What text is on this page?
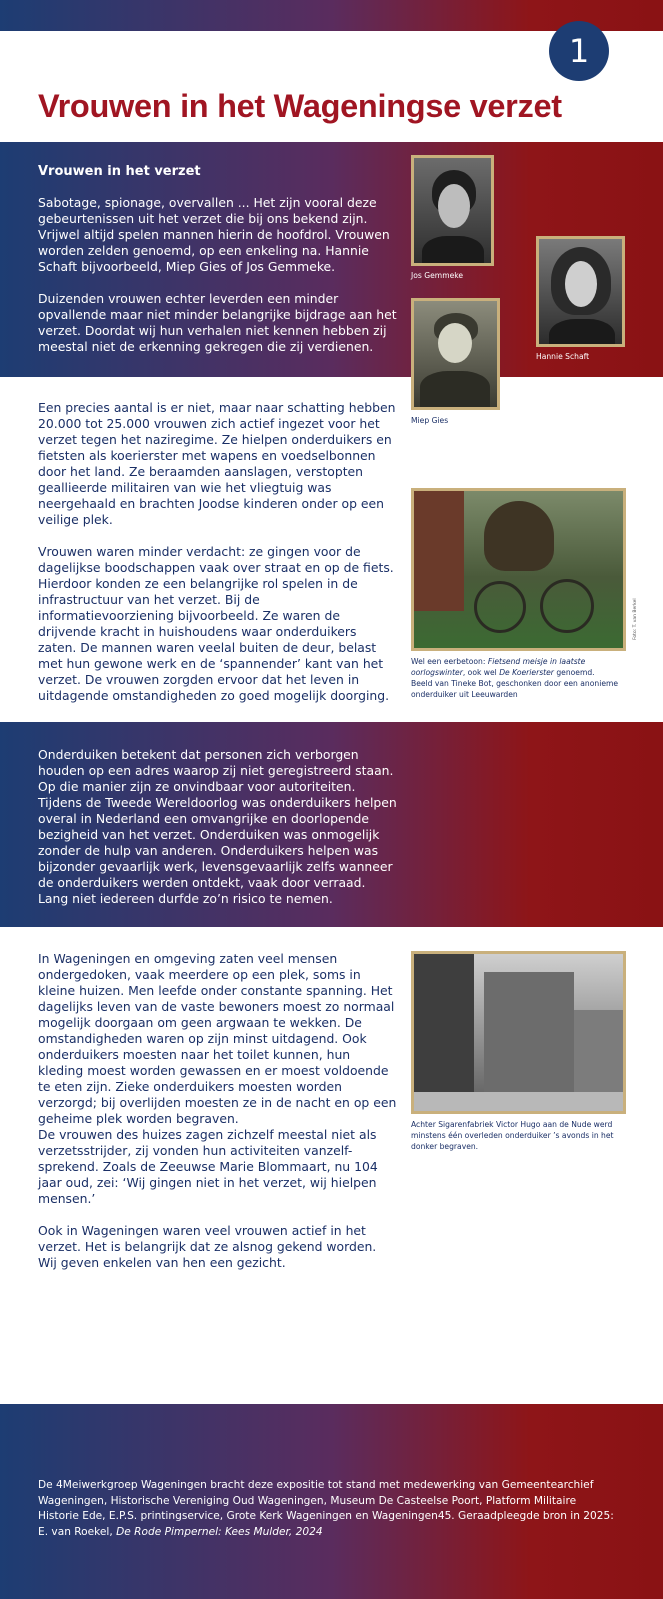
1
Vrouwen in het Wageningse verzet
Vrouwen in het verzet

Sabotage, spionage, overvallen ... Het zijn vooral deze gebeurtenissen uit het verzet die bij ons bekend zijn. Vrijwel altijd spelen mannen hierin de hoofdrol. Vrouwen worden zelden genoemd, op een enkeling na. Hannie Schaft bijvoorbeeld, Miep Gies of Jos Gemmeke.

Duizenden vrouwen echter leverden een minder opvallende maar niet minder belangrijke bijdrage aan het verzet. Doordat wij hun verhalen niet kennen hebben zij meestal niet de erkenning gekregen die zij verdienen.

Jos Gemmeke

Hannie Schaft

Miep Gies

Een precies aantal is er niet, maar naar schatting hebben 20.000 tot 25.000 vrouwen zich actief ingezet voor het verzet tegen het naziregime. Ze hielpen onderduikers en fietsten als koerierster met wapens en voedselbonnen door het land. Ze beraamden aanslagen, verstopten geallieerde militairen van wie het vliegtuig was neergehaald en brachten Joodse kinderen onder op een veilige plek.

Vrouwen waren minder verdacht: ze gingen voor de dagelijkse boodschappen vaak over straat en op de fiets. Hierdoor konden ze een belangrijke rol spelen in de infrastructuur van het verzet. Bij de informatievoorziening bijvoorbeeld. Ze waren de drijvende kracht in huishoudens waar onderduikers zaten. De mannen waren veelal buiten de deur, belast met hun gewone werk en de ‘spannender’ kant van het verzet. De vrouwen zorgden ervoor dat het leven in uitdagende omstandigheden zo goed mogelijk doorging.

Foto: T. van Berkel

Wel een eerbetoon: Fietsend meisje in laatste oorlogswinter, ook wel De Koerierster genoemd.
Beeld van Tineke Bot, geschonken door een anonieme onderduiker uit Leeuwarden

Onderduiken betekent dat personen zich verborgen houden op een adres waarop zij niet geregistreerd staan. Op die manier zijn ze onvindbaar voor autoriteiten. Tijdens de Tweede Wereldoorlog was onderduikers helpen overal in Nederland een omvangrijke en doorlopende bezigheid van het verzet. Onderduiken was onmogelijk zonder de hulp van anderen. Onderduikers helpen was bijzonder gevaarlijk werk, levensgevaarlijk zelfs wanneer de onderduikers werden ontdekt, vaak door verraad. Lang niet iedereen durfde zo’n risico te nemen.

In Wageningen en omgeving zaten veel mensen ondergedoken, vaak meerdere op een plek, soms in kleine huizen. Men leefde onder constante spanning. Het dagelijks leven van de vaste bewoners moest zo normaal mogelijk doorgaan om geen argwaan te wekken. De omstandigheden waren op zijn minst uitdagend. Ook onderduikers moesten naar het toilet kunnen, hun kleding moest worden gewassen en er moest voldoende te eten zijn. Zieke onderduikers moesten worden verzorgd; bij overlijden moesten ze in de nacht en op een geheime plek worden begraven.

De vrouwen des huizes zagen zichzelf meestal niet als verzetsstrijder, zij vonden hun activiteiten vanzelf-sprekend. Zoals de Zeeuwse Marie Blommaart, nu 104 jaar oud, zei: ‘Wij gingen niet in het verzet, wij hielpen mensen.’

Ook in Wageningen waren veel vrouwen actief in het verzet. Het is belangrijk dat ze alsnog gekend worden. Wij geven enkelen van hen een gezicht.

Achter Sigarenfabriek Victor Hugo aan de Nude werd minstens één overleden onderduiker ’s avonds in het donker begraven.

De 4Meiwerkgroep Wageningen bracht deze expositie tot stand met medewerking van Gemeentearchief Wageningen, Historische Vereniging Oud Wageningen, Museum De Casteelse Poort, Platform Militaire Historie Ede, E.P.S. printingservice, Grote Kerk Wageningen en Wageningen45. Geraadpleegde bron in 2025:
E. van Roekel, De Rode Pimpernel: Kees Mulder, 2024
